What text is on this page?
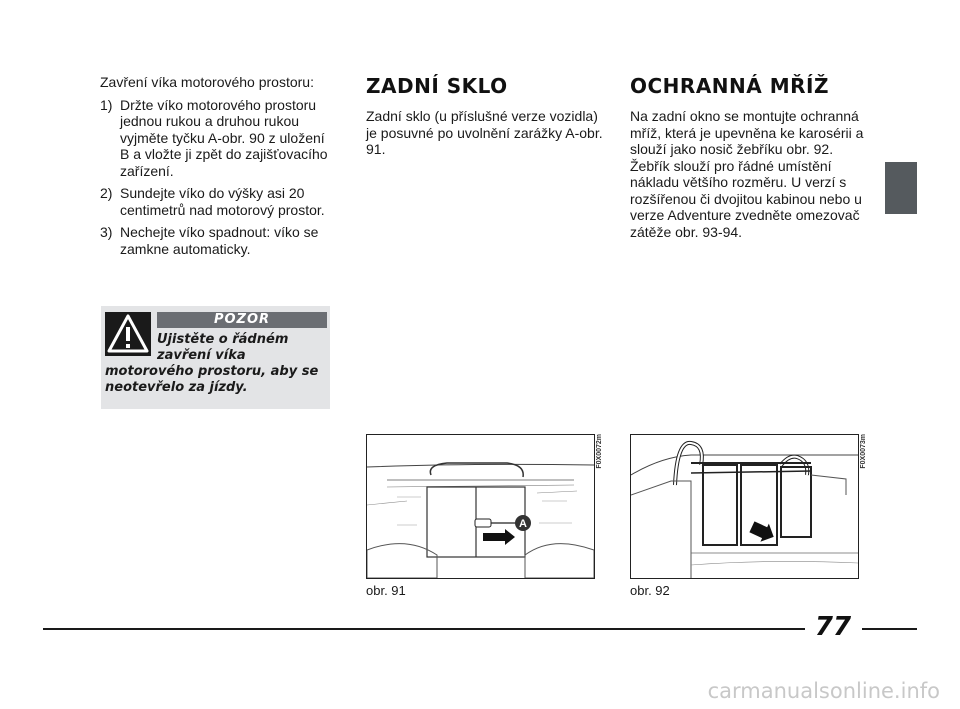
Zavření víka motorového prostoru:

1) Držte víko motorového prostoru jednou rukou a druhou rukou vyjměte tyčku A-obr. 90 z uložení B a vložte ji zpět do zajišťovacího zařízení.
2) Sundejte víko do výšky asi 20 centimetrů nad motorový prostor.
3) Nechejte víko spadnout: víko se zamkne automaticky.
POZOR
Ujistěte o řádném zavření víka motorového prostoru, aby se neotevřelo za jízdy.
ZADNÍ SKLO

Zadní sklo (u příslušné verze vozidla) je posuvné po uvolnění zarážky A-obr. 91.

OCHRANNÁ MŘÍŽ

Na zadní okno se montujte ochranná mříž, která je upevněna ke karosérii a slouží jako nosič žebříku obr. 92. Žebřík slouží pro řádné umístění nákladu většího rozměru. U verzí s rozšířenou či dvojitou kabinou nebo u verze Adventure zvedněte omezovač zátěže obr. 93-94.

A
F0X0072m
obr. 91
F0X0073m
obr. 92
77
carmanualsonline.info
